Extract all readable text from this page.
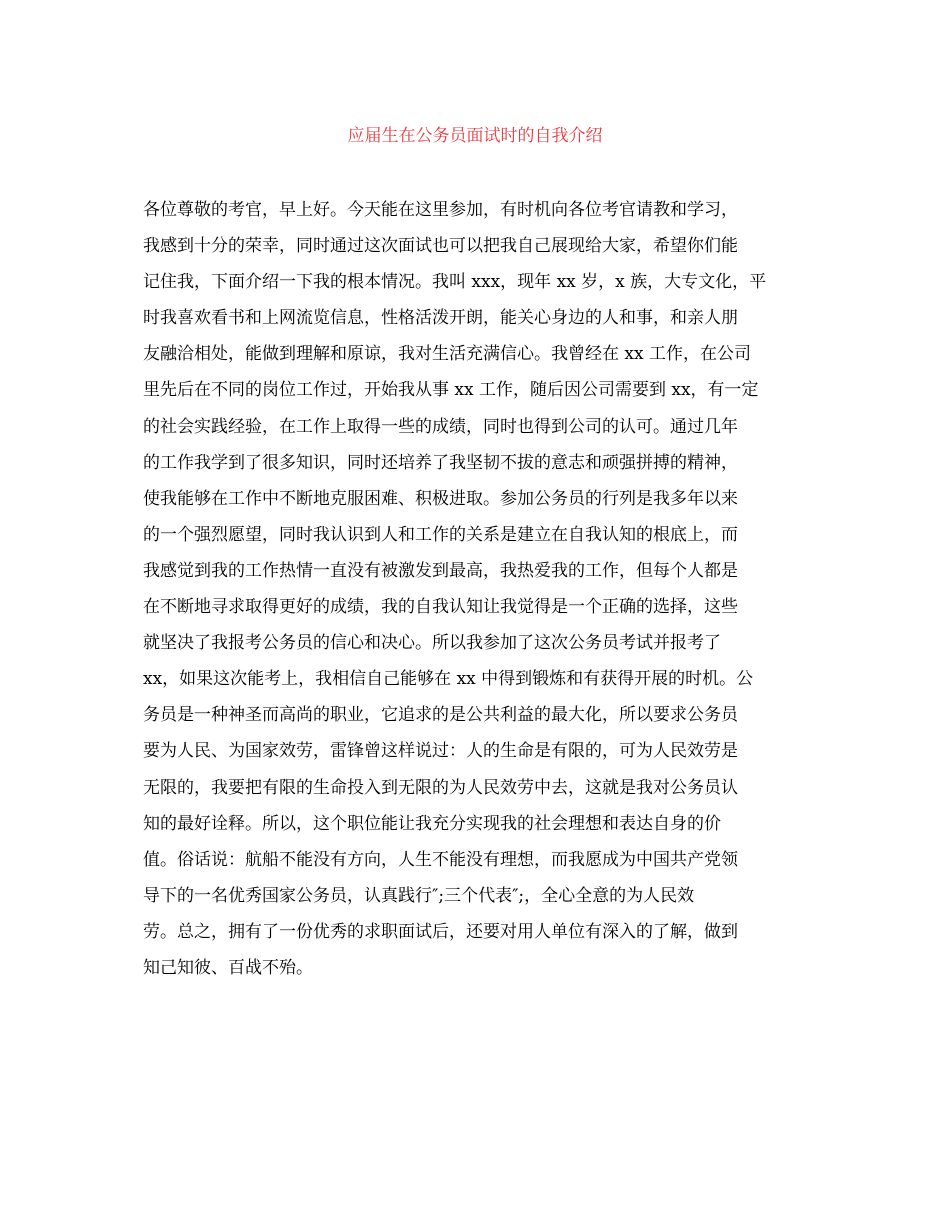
应届生在公务员面试时的自我介绍
各位尊敬的考官，早上好。今天能在这里参加，有时机向各位考官请教和学习，
我感到十分的荣幸，同时通过这次面试也可以把我自己展现给大家，希望你们能
记住我，下面介绍一下我的根本情况。我叫 xxx，现年 xx 岁，x 族，大专文化，平
时我喜欢看书和上网流览信息，性格活泼开朗，能关心身边的人和事，和亲人朋
友融洽相处，能做到理解和原谅，我对生活充满信心。我曾经在 xx 工作，在公司
里先后在不同的岗位工作过，开始我从事 xx 工作，随后因公司需要到 xx，有一定
的社会实践经验，在工作上取得一些的成绩，同时也得到公司的认可。通过几年
的工作我学到了很多知识，同时还培养了我坚韧不拔的意志和顽强拼搏的精神，
使我能够在工作中不断地克服困难、积极进取。参加公务员的行列是我多年以来
的一个强烈愿望，同时我认识到人和工作的关系是建立在自我认知的根底上，而
我感觉到我的工作热情一直没有被激发到最高，我热爱我的工作，但每个人都是
在不断地寻求取得更好的成绩，我的自我认知让我觉得是一个正确的选择，这些
就坚决了我报考公务员的信心和决心。所以我参加了这次公务员考试并报考了
xx，如果这次能考上，我相信自己能够在 xx 中得到锻炼和有获得开展的时机。公
务员是一种神圣而高尚的职业，它追求的是公共利益的最大化，所以要求公务员
要为人民、为国家效劳，雷锋曾这样说过：人的生命是有限的，可为人民效劳是
无限的，我要把有限的生命投入到无限的为人民效劳中去，这就是我对公务员认
知的最好诠释。所以，这个职位能让我充分实现我的社会理想和表达自身的价
值。俗话说：航船不能没有方向，人生不能没有理想，而我愿成为中国共产党领
导下的一名优秀国家公务员，认真践行″;三个代表″;，全心全意的为人民效
劳。总之，拥有了一份优秀的求职面试后，还要对用人单位有深入的了解，做到
知己知彼、百战不殆。
